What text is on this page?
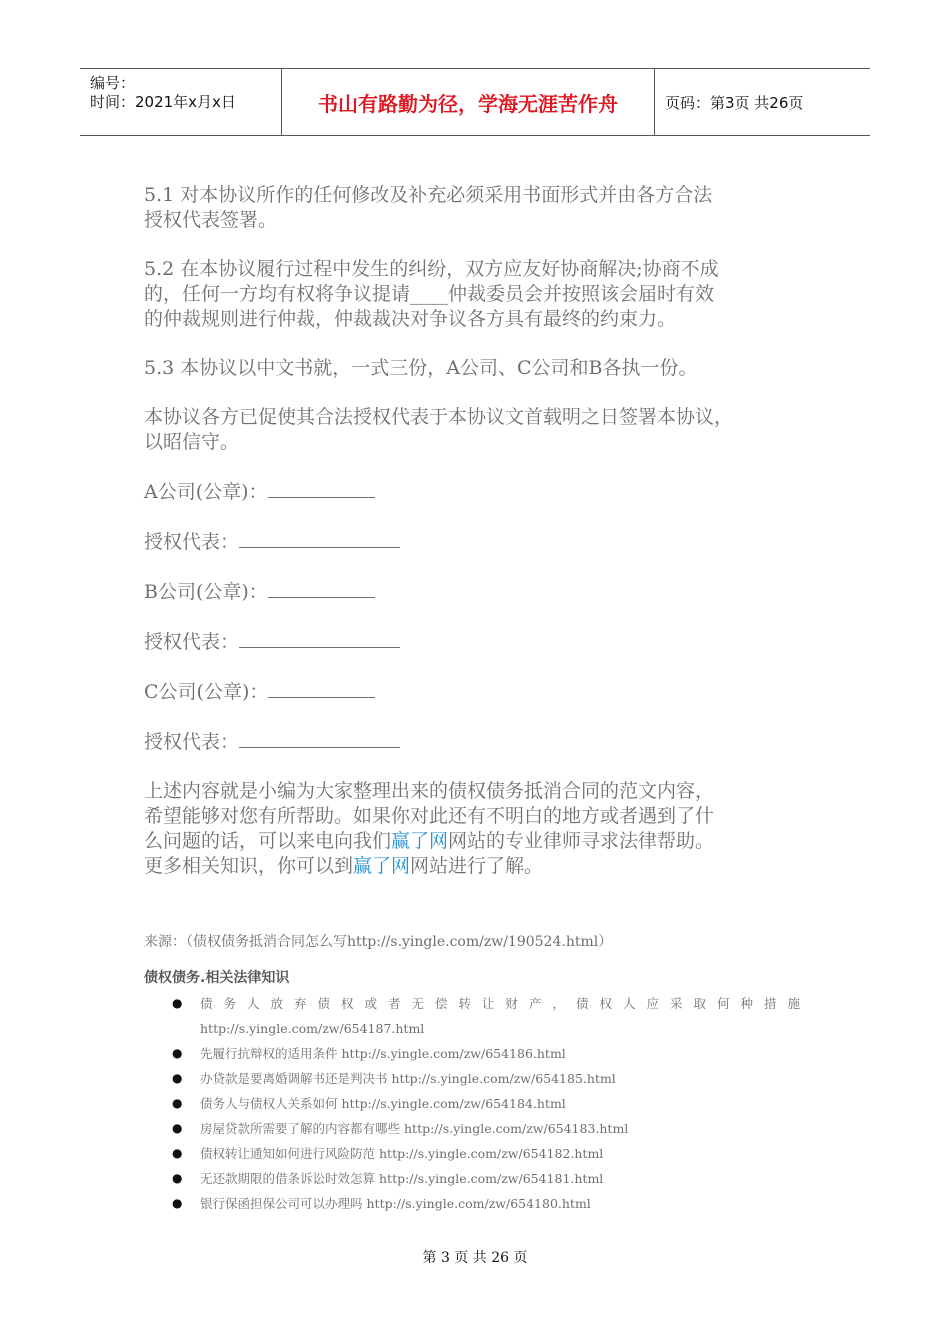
编号：
时间：2021年x月x日	书山有路勤为径，学海无涯苦作舟	页码：第3页 共26页
5.1 对本协议所作的任何修改及补充必须采用书面形式并由各方合法
授权代表签署。
5.2 在本协议履行过程中发生的纠纷，双方应友好协商解决;协商不成
的，任何一方均有权将争议提请____仲裁委员会并按照该会届时有效
的仲裁规则进行仲裁，仲裁裁决对争议各方具有最终的约束力。
5.3 本协议以中文书就，一式三份，A公司、C公司和B各执一份。
本协议各方已促使其合法授权代表于本协议文首载明之日签署本协议，
以昭信守。
A公司(公章)：
授权代表：
B公司(公章)：
授权代表：
C公司(公章)：
授权代表：
上述内容就是小编为大家整理出来的债权债务抵消合同的范文内容，
希望能够对您有所帮助。如果你对此还有不明白的地方或者遇到了什
么问题的话，可以来电向我们赢了网网站的专业律师寻求法律帮助。
更多相关知识，你可以到赢了网网站进行了解。
来源：（债权债务抵消合同怎么写http://s.yingle.com/zw/190524.html）
债权债务.相关法律知识
● 债务人放弃债权或者无偿转让财产，债权人应采取何种措施
http://s.yingle.com/zw/654187.html
● 先履行抗辩权的适用条件 http://s.yingle.com/zw/654186.html
● 办贷款是要离婚调解书还是判决书 http://s.yingle.com/zw/654185.html
● 债务人与债权人关系如何 http://s.yingle.com/zw/654184.html
● 房屋贷款所需要了解的内容都有哪些 http://s.yingle.com/zw/654183.html
● 债权转让通知如何进行风险防范 http://s.yingle.com/zw/654182.html
● 无还款期限的借条诉讼时效怎算 http://s.yingle.com/zw/654181.html
● 银行保函担保公司可以办理吗 http://s.yingle.com/zw/654180.html
第 3 页 共 26 页
